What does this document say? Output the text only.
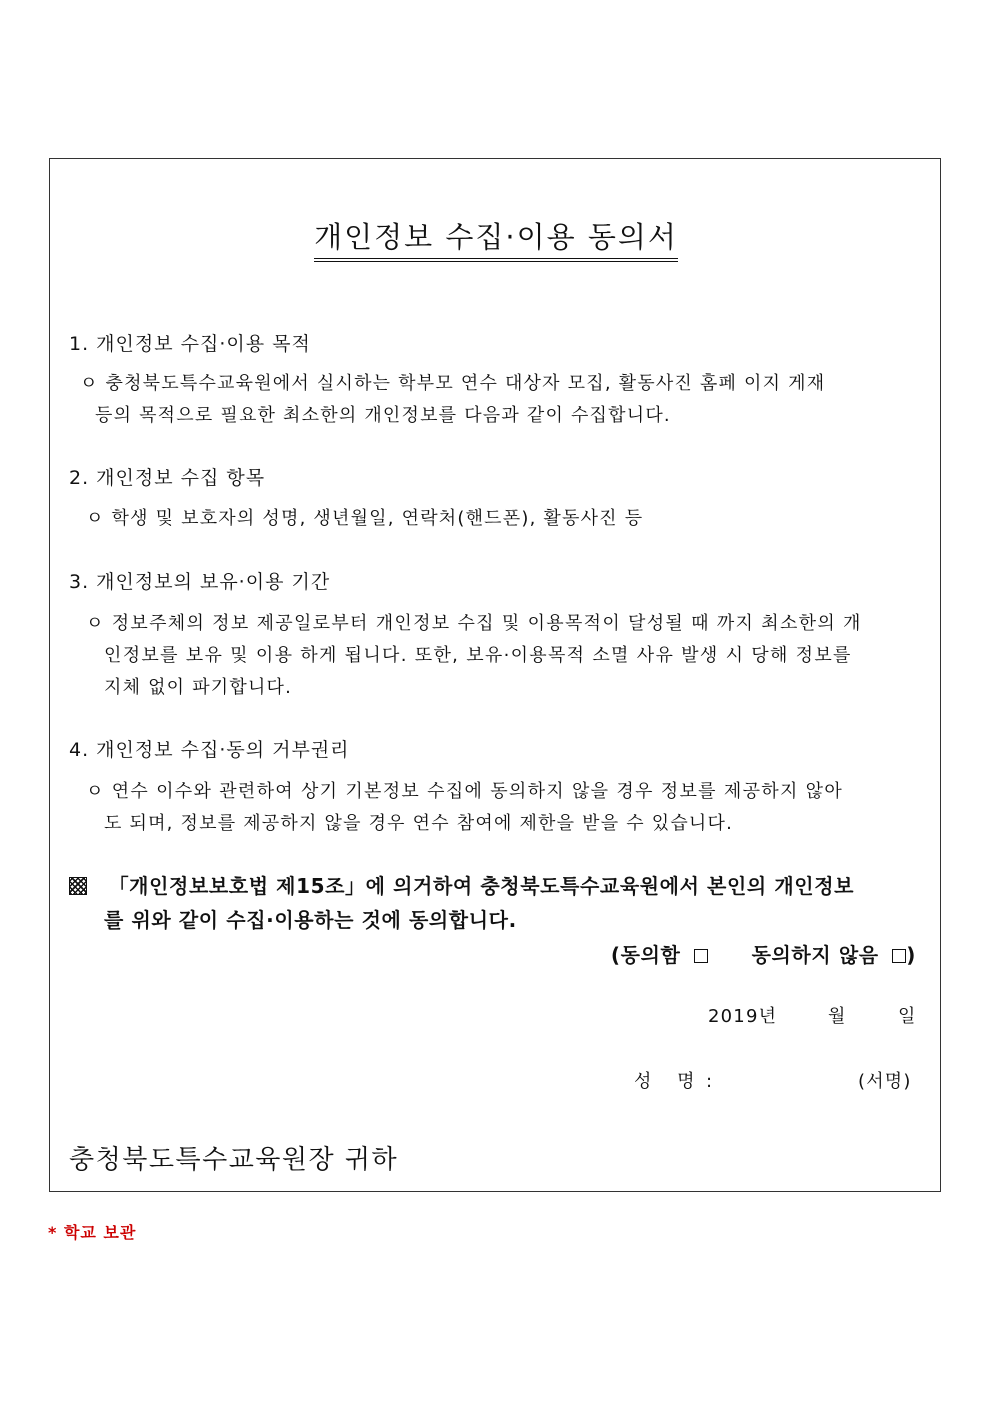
개인정보 수집·이용 동의서
1. 개인정보 수집·이용 목적
ㅇ 충청북도특수교육원에서 실시하는 학부모 연수 대상자 모집, 활동사진 홈페 이지 게재
등의 목적으로 필요한 최소한의 개인정보를 다음과 같이 수집합니다.
2. 개인정보 수집 항목
ㅇ 학생 및 보호자의 성명, 생년월일, 연락처(핸드폰), 활동사진 등
3. 개인정보의 보유·이용 기간
ㅇ 정보주체의 정보 제공일로부터 개인정보 수집 및 이용목적이 달성될 때 까지 최소한의 개
인정보를 보유 및 이용 하게 됩니다. 또한, 보유·이용목적 소멸 사유 발생 시 당해 정보를
지체 없이 파기합니다.
4. 개인정보 수집·동의 거부권리
ㅇ 연수 이수와 관련하여 상기 기본정보 수집에 동의하지 않을 경우 정보를 제공하지 않아
도 되며, 정보를 제공하지 않을 경우 연수 참여에 제한을 받을 수 있습니다.
「개인정보보호법 제15조」에 의거하여 충청북도특수교육원에서 본인의 개인정보
를 위와 같이 수집·이용하는 것에 동의합니다.
(동의함	동의하지 않음 )
2019년	월	일
성 명 :	(서명)
충청북도특수교육원장 귀하
* 학교 보관
